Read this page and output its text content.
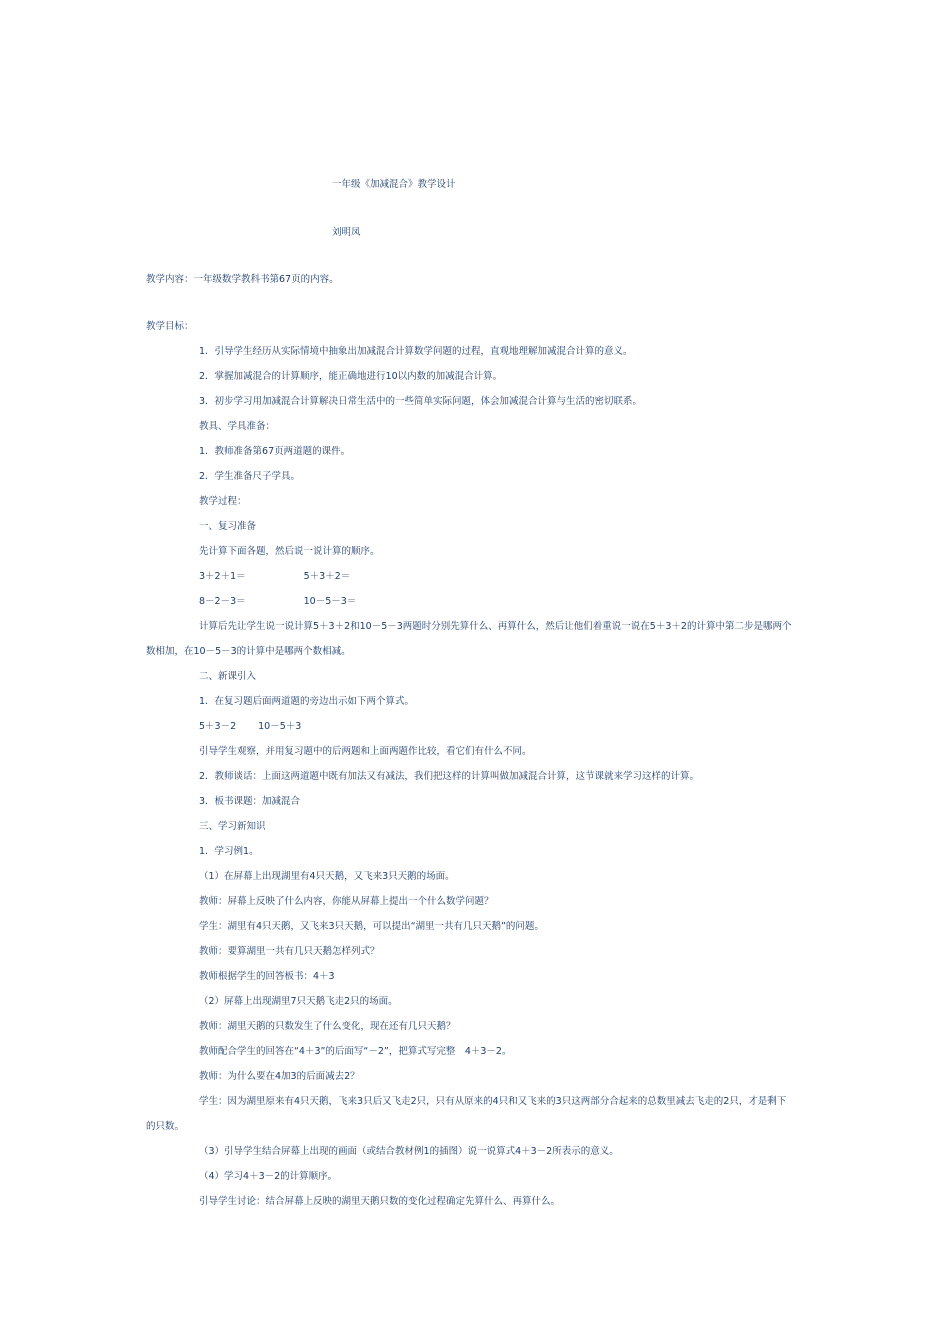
一年级《加减混合》教学设计
刘明凤
教学内容：一年级数学教科书第67页的内容。
教学目标：
1．引导学生经历从实际情境中抽象出加减混合计算数学问题的过程，直观地理解加减混合计算的意义。
2．掌握加减混合的计算顺序，能正确地进行10以内数的加减混合计算。
3．初步学习用加减混合计算解决日常生活中的一些简单实际问题，体会加减混合计算与生活的密切联系。
教具、学具准备：
1．教师准备第67页两道题的课件。
2．学生准备尺子学具。
教学过程：
一、复习准备
先计算下面各题，然后说一说计算的顺序。
3＋2＋1＝	5＋3＋2＝
8－2－3＝	10－5－3＝
计算后先让学生说一说计算5＋3＋2和10－5－3两题时分别先算什么、再算什么，然后让他们着重说一说在5＋3＋2的计算中第二步是哪两个
数相加，在10－5－3的计算中是哪两个数相减。
二、新课引入
1．在复习题后面两道题的旁边出示如下两个算式。
5＋3－2 10－5＋3
引导学生观察，并用复习题中的后两题和上面两题作比较，看它们有什么不同。
2．教师谈话：上面这两道题中既有加法又有减法，我们把这样的计算叫做加减混合计算，这节课就来学习这样的计算。
3．板书课题：加减混合
三、学习新知识
1．学习例1。
（1）在屏幕上出现湖里有4只天鹅，又飞来3只天鹅的场面。
教师：屏幕上反映了什么内容，你能从屏幕上提出一个什么数学问题？
学生：湖里有4只天鹅，又飞来3只天鹅，可以提出“湖里一共有几只天鹅”的问题。
教师：要算湖里一共有几只天鹅怎样列式？
教师根据学生的回答板书：4＋3
（2）屏幕上出现湖里7只天鹅飞走2只的场面。
教师：湖里天鹅的只数发生了什么变化，现在还有几只天鹅？
教师配合学生的回答在“4＋3”的后面写“－2”，把算式写完整　4＋3－2。
教师：为什么要在4加3的后面减去2？
学生：因为湖里原来有4只天鹅，飞来3只后又飞走2只，只有从原来的4只和又飞来的3只这两部分合起来的总数里减去飞走的2只，才是剩下
的只数。
（3）引导学生结合屏幕上出现的画面（或结合教材例1的插图）说一说算式4＋3－2所表示的意义。
（4）学习4＋3－2的计算顺序。
引导学生讨论：结合屏幕上反映的湖里天鹅只数的变化过程确定先算什么、再算什么。
